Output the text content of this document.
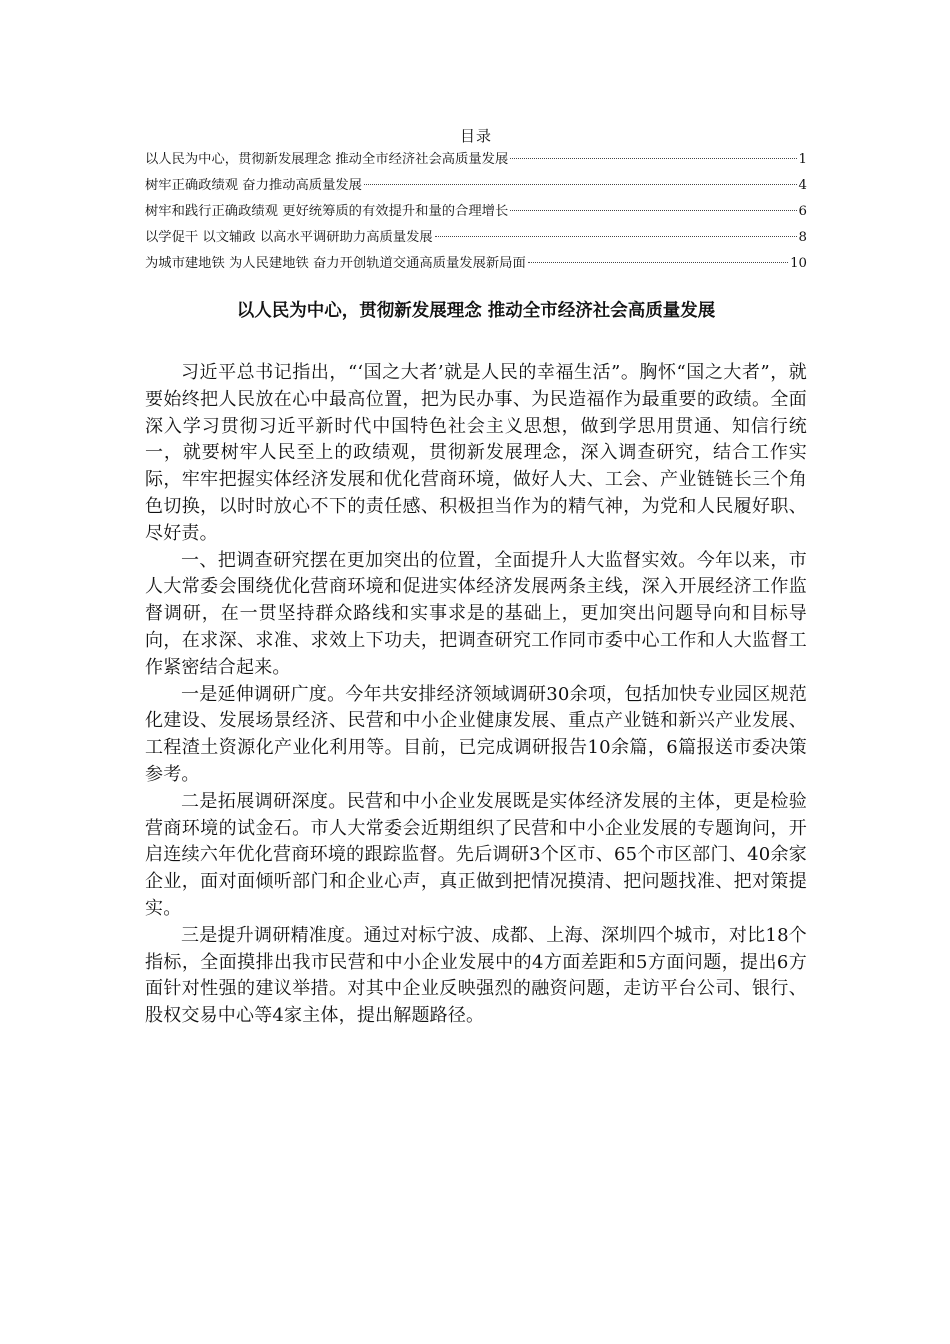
目录
以人民为中心，贯彻新发展理念 推动全市经济社会高质量发展	1
树牢正确政绩观 奋力推动高质量发展	4
树牢和践行正确政绩观 更好统筹质的有效提升和量的合理增长	6
以学促干 以文辅政 以高水平调研助力高质量发展	8
为城市建地铁 为人民建地铁 奋力开创轨道交通高质量发展新局面	10
以人民为中心，贯彻新发展理念 推动全市经济社会高质量发展

习近平总书记指出，“‘国之大者’就是人民的幸福生活”。胸怀“国之大者”，就要始终把人民放在心中最高位置，把为民办事、为民造福作为最重要的政绩。全面深入学习贯彻习近平新时代中国特色社会主义思想，做到学思用贯通、知信行统一，就要树牢人民至上的政绩观，贯彻新发展理念，深入调查研究，结合工作实际，牢牢把握实体经济发展和优化营商环境，做好人大、工会、产业链链长三个角色切换，以时时放心不下的责任感、积极担当作为的精气神，为党和人民履好职、尽好责。

一、把调查研究摆在更加突出的位置，全面提升人大监督实效。今年以来，市人大常委会围绕优化营商环境和促进实体经济发展两条主线，深入开展经济工作监督调研，在一贯坚持群众路线和实事求是的基础上，更加突出问题导向和目标导向，在求深、求准、求效上下功夫，把调查研究工作同市委中心工作和人大监督工作紧密结合起来。

一是延伸调研广度。今年共安排经济领域调研30余项，包括加快专业园区规范化建设、发展场景经济、民营和中小企业健康发展、重点产业链和新兴产业发展、工程渣土资源化产业化利用等。目前，已完成调研报告10余篇，6篇报送市委决策参考。

二是拓展调研深度。民营和中小企业发展既是实体经济发展的主体，更是检验营商环境的试金石。市人大常委会近期组织了民营和中小企业发展的专题询问，开启连续六年优化营商环境的跟踪监督。先后调研3个区市、65个市区部门、40余家企业，面对面倾听部门和企业心声，真正做到把情况摸清、把问题找准、把对策提实。

三是提升调研精准度。通过对标宁波、成都、上海、深圳四个城市，对比18个指标，全面摸排出我市民营和中小企业发展中的4方面差距和5方面问题，提出6方面针对性强的建议举措。对其中企业反映强烈的融资问题，走访平台公司、银行、股权交易中心等4家主体，提出解题路径。
